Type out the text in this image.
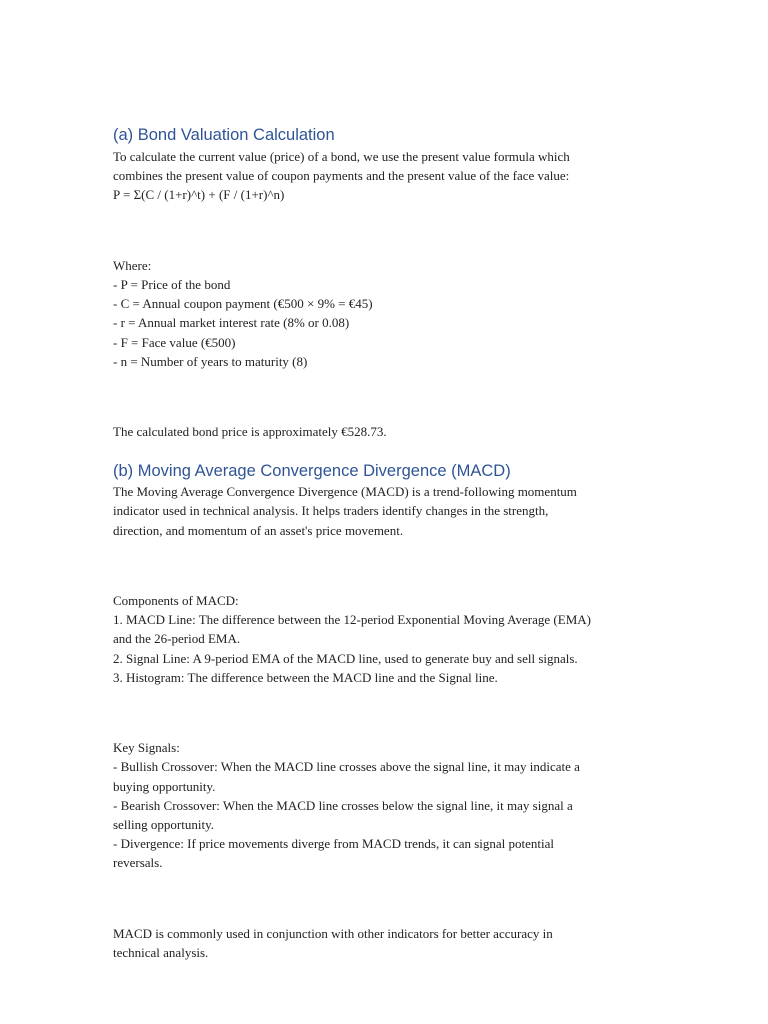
(a) Bond Valuation Calculation

To calculate the current value (price) of a bond, we use the present value formula which

combines the present value of coupon payments and the present value of the face value:

P = Σ(C / (1+r)^t) + (F / (1+r)^n)

Where:

- P = Price of the bond

- C = Annual coupon payment (€500 × 9% = €45)

- r = Annual market interest rate (8% or 0.08)

- F = Face value (€500)

- n = Number of years to maturity (8)

The calculated bond price is approximately €528.73.

(b) Moving Average Convergence Divergence (MACD)

The Moving Average Convergence Divergence (MACD) is a trend-following momentum

indicator used in technical analysis. It helps traders identify changes in the strength,

direction, and momentum of an asset's price movement.

Components of MACD:

1. MACD Line: The difference between the 12-period Exponential Moving Average (EMA)

and the 26-period EMA.

2. Signal Line: A 9-period EMA of the MACD line, used to generate buy and sell signals.

3. Histogram: The difference between the MACD line and the Signal line.

Key Signals:

- Bullish Crossover: When the MACD line crosses above the signal line, it may indicate a

buying opportunity.

- Bearish Crossover: When the MACD line crosses below the signal line, it may signal a

selling opportunity.

- Divergence: If price movements diverge from MACD trends, it can signal potential

reversals.

MACD is commonly used in conjunction with other indicators for better accuracy in

technical analysis.
